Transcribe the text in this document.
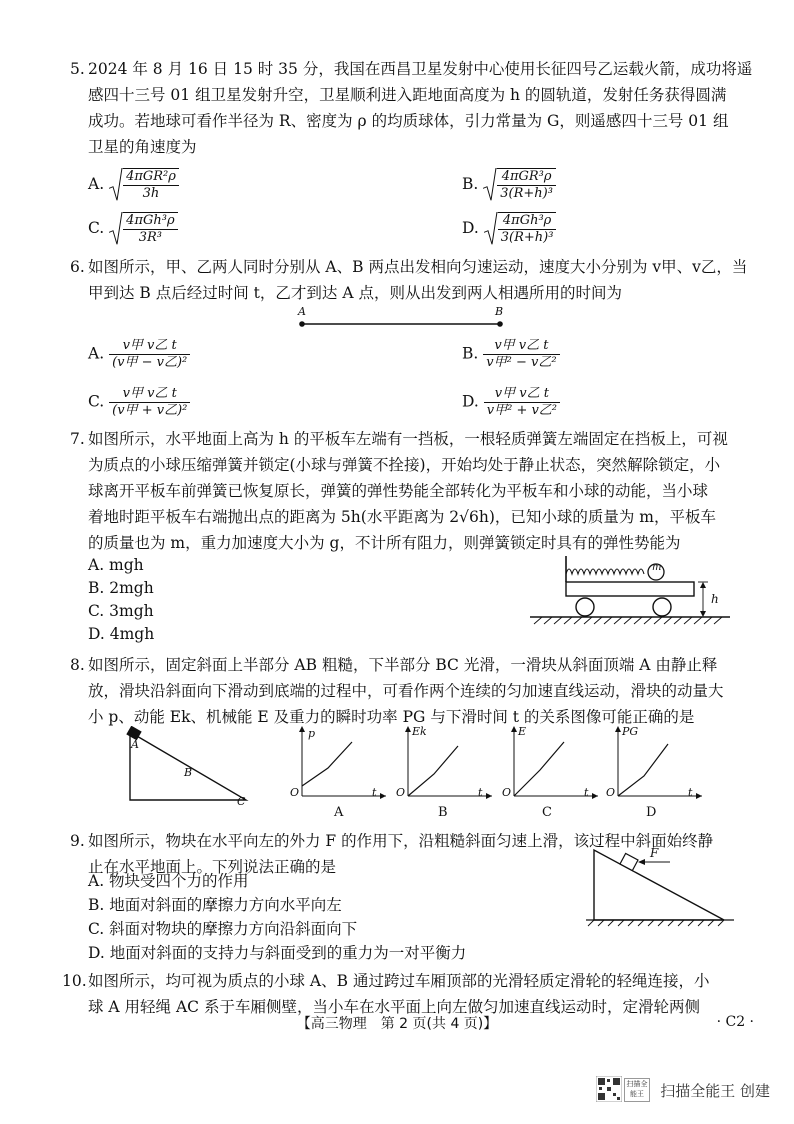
5. 2024 年 8 月 16 日 15 时 35 分，我国在西昌卫星发射中心使用长征四号乙运载火箭，成功将遥
感四十三号 01 组卫星发射升空，卫星顺利进入距地面高度为 h 的圆轨道，发射任务获得圆满
成功。若地球可看作半径为 R、密度为 ρ 的均质球体，引力常量为 G，则遥感四十三号 01 组
卫星的角速度为
A. $\frac{\text{4πGR²ρ}}{3h}$	B. $\frac{\text{4πGR³ρ}}{\text{3(R+h)³}}$
C. $\frac{\text{4πGh³ρ}}{\text{3R³}}$	D. $\frac{\text{4πGh³ρ}}{\text{3(R+h)³}}$
6. 如图所示，甲、乙两人同时分别从 A、B 两点出发相向匀速运动，速度大小分别为 v甲、v乙，当
甲到达 B 点后经过时间 t，乙才到达 A 点，则从出发到两人相遇所用的时间为
A	B
A. $\frac{\text{v甲 v乙 t}}{\text{(v甲 − v乙)²}}$	B. $\frac{\text{v甲 v乙 t}}{\text{v甲² − v乙²}}$
C. $\frac{\text{v甲 v乙 t}}{\text{(v甲 + v乙)²}}$	D. $\frac{\text{v甲 v乙 t}}{\text{v甲² + v乙²}}$
7. 如图所示，水平地面上高为 h 的平板车左端有一挡板，一根轻质弹簧左端固定在挡板上，可视
为质点的小球压缩弹簧并锁定(小球与弹簧不拴接)，开始均处于静止状态，突然解除锁定，小
球离开平板车前弹簧已恢复原长，弹簧的弹性势能全部转化为平板车和小球的动能，当小球
着地时距平板车右端抛出点的距离为 5h(水平距离为 2√6h)，已知小球的质量为 m，平板车
的质量也为 m，重力加速度大小为 g，不计所有阻力，则弹簧锁定时具有的弹性势能为
A. mgh
B. 2mgh
C. 3mgh
D. 4mgh
m
h
8. 如图所示，固定斜面上半部分 AB 粗糙，下半部分 BC 光滑，一滑块从斜面顶端 A 由静止释
放，滑块沿斜面向下滑动到底端的过程中，可看作两个连续的匀加速直线运动，滑块的动量大
小 p、动能 Ek、机械能 E 及重力的瞬时功率 PG 与下滑时间 t 的关系图像可能正确的是
A
B
C
p	Ek	E	PG
O	O	O	O
t	t	t	t
A	B	C	D
9. 如图所示，物块在水平向左的外力 F 的作用下，沿粗糙斜面匀速上滑，该过程中斜面始终静
止在水平地面上。下列说法正确的是
A. 物块受四个力的作用
B. 地面对斜面的摩擦力方向水平向左
C. 斜面对物块的摩擦力方向沿斜面向下
D. 地面对斜面的支持力与斜面受到的重力为一对平衡力
F
10. 如图所示，均可视为质点的小球 A、B 通过跨过车厢顶部的光滑轻质定滑轮的轻绳连接，小
球 A 用轻绳 AC 系于车厢侧壁，当小车在水平面上向左做匀加速直线运动时，定滑轮两侧
【高三物理　第 2 页(共 4 页)】	· C2 ·
扫描全能王	扫描全能王 创建
